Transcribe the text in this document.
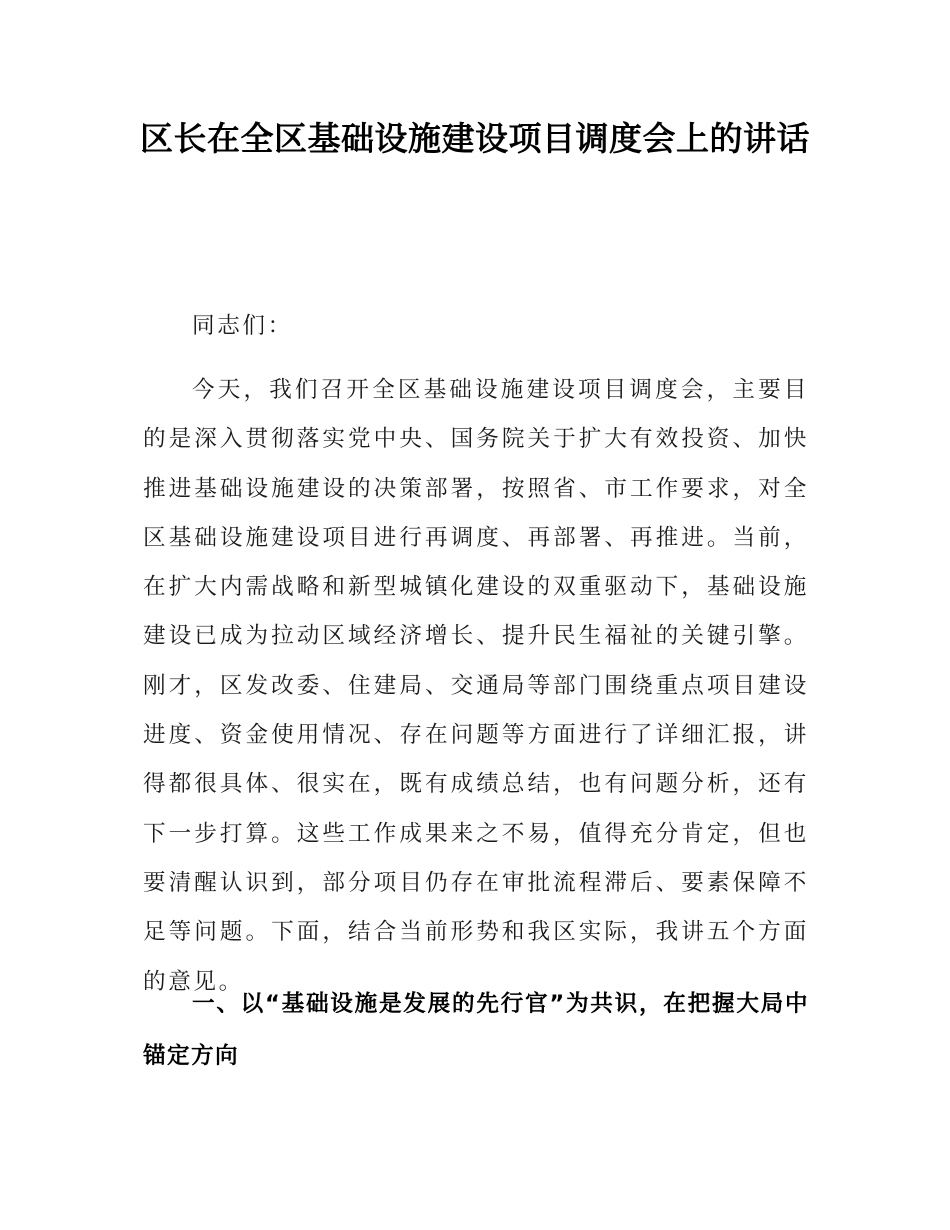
区长在全区基础设施建设项目调度会上的讲话

同志们：

今天，我们召开全区基础设施建设项目调度会，主要目的是深入贯彻落实党中央、国务院关于扩大有效投资、加快推进基础设施建设的决策部署，按照省、市工作要求，对全区基础设施建设项目进行再调度、再部署、再推进。当前，在扩大内需战略和新型城镇化建设的双重驱动下，基础设施建设已成为拉动区域经济增长、提升民生福祉的关键引擎。刚才，区发改委、住建局、交通局等部门围绕重点项目建设进度、资金使用情况、存在问题等方面进行了详细汇报，讲得都很具体、很实在，既有成绩总结，也有问题分析，还有下一步打算。这些工作成果来之不易，值得充分肯定，但也要清醒认识到，部分项目仍存在审批流程滞后、要素保障不足等问题。下面，结合当前形势和我区实际，我讲五个方面的意见。

一、以“基础设施是发展的先行官”为共识，在把握大局中锚定方向
